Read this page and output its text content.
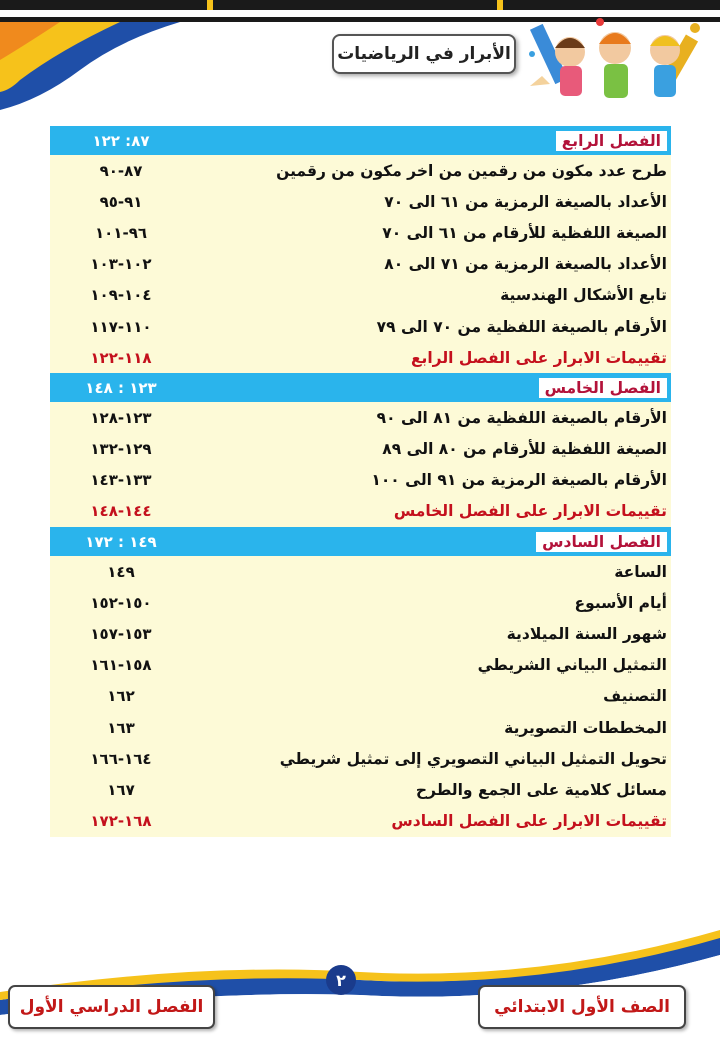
الأبرار في الرياضيات
الفصل الرابع
٨٧: ١٢٢
طرح عدد مكون من رقمين من اخر مكون من رقمين
٨٧-٩٠
الأعداد بالصيغة الرمزية من ٦١ الى ٧٠
٩١-٩٥
الصيغة اللفظية للأرقام من ٦١ الى ٧٠
٩٦-١٠١
الأعداد بالصيغة الرمزية من ٧١ الى ٨٠
١٠٢-١٠٣
تابع الأشكال الهندسية
١٠٤-١٠٩
الأرقام بالصيغة اللفظية من ٧٠ الى ٧٩
١١٠-١١٧
تقييمات الابرار على الفصل الرابع
١١٨-١٢٢
الفصل الخامس
١٢٣ : ١٤٨
الأرقام بالصيغة اللفظية من ٨١ الى ٩٠
١٢٣-١٢٨
الصيغة اللفظية للأرقام من ٨٠ الى ٨٩
١٢٩-١٣٢
الأرقام بالصيغة الرمزية من ٩١ الى ١٠٠
١٣٣-١٤٣
تقييمات الابرار على الفصل الخامس
١٤٤-١٤٨
الفصل السادس
١٤٩ : ١٧٢
الساعة
١٤٩
أيام الأسبوع
١٥٠-١٥٢
شهور السنة الميلادية
١٥٣-١٥٧
التمثيل البياني الشريطي
١٥٨-١٦١
التصنيف
١٦٢
المخططات التصويرية
١٦٣
تحويل التمثيل البياني التصويري إلى تمثيل شريطي
١٦٤-١٦٦
مسائل كلامية على الجمع والطرح
١٦٧
تقييمات الابرار على الفصل السادس
١٦٨-١٧٢
٢
الفصل الدراسي الأول	الصف الأول الابتدائي
